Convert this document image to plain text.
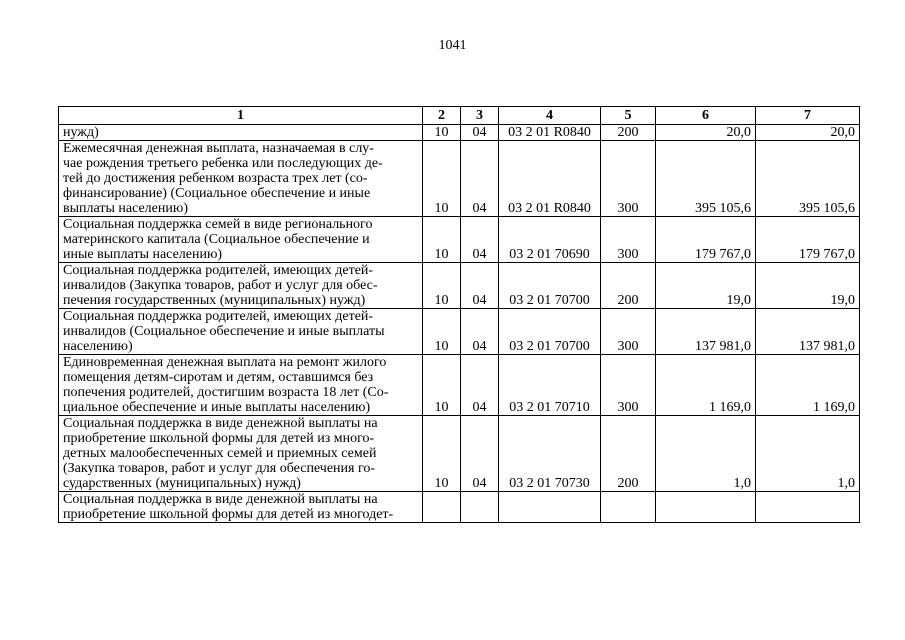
1041
1	2	3	4	5	6	7
нужд)	10	04	03 2 01 R0840	200	20,0	20,0
Ежемесячная денежная выплата, назначаемая в слу-
чае рождения третьего ребенка или последующих де-
тей до достижения ребенком возраста трех лет (со-
финансирование) (Социальное обеспечение и иные
выплаты населению)	10	04	03 2 01 R0840	300	395 105,6	395 105,6
Социальная поддержка семей в виде регионального
материнского капитала (Социальное обеспечение и
иные выплаты населению)	10	04	03 2 01 70690	300	179 767,0	179 767,0
Социальная поддержка родителей, имеющих детей-
инвалидов (Закупка товаров, работ и услуг для обес-
печения государственных (муниципальных) нужд)	10	04	03 2 01 70700	200	19,0	19,0
Социальная поддержка родителей, имеющих детей-
инвалидов (Социальное обеспечение и иные выплаты
населению)	10	04	03 2 01 70700	300	137 981,0	137 981,0
Единовременная денежная выплата на ремонт жилого
помещения детям-сиротам и детям, оставшимся без
попечения родителей, достигшим возраста 18 лет (Со-
циальное обеспечение и иные выплаты населению)	10	04	03 2 01 70710	300	1 169,0	1 169,0
Социальная поддержка в виде денежной выплаты на
приобретение школьной формы для детей из много-
детных малообеспеченных семей и приемных семей
(Закупка товаров, работ и услуг для обеспечения го-
сударственных (муниципальных) нужд)	10	04	03 2 01 70730	200	1,0	1,0
Социальная поддержка в виде денежной выплаты на
приобретение школьной формы для детей из многодет-						
